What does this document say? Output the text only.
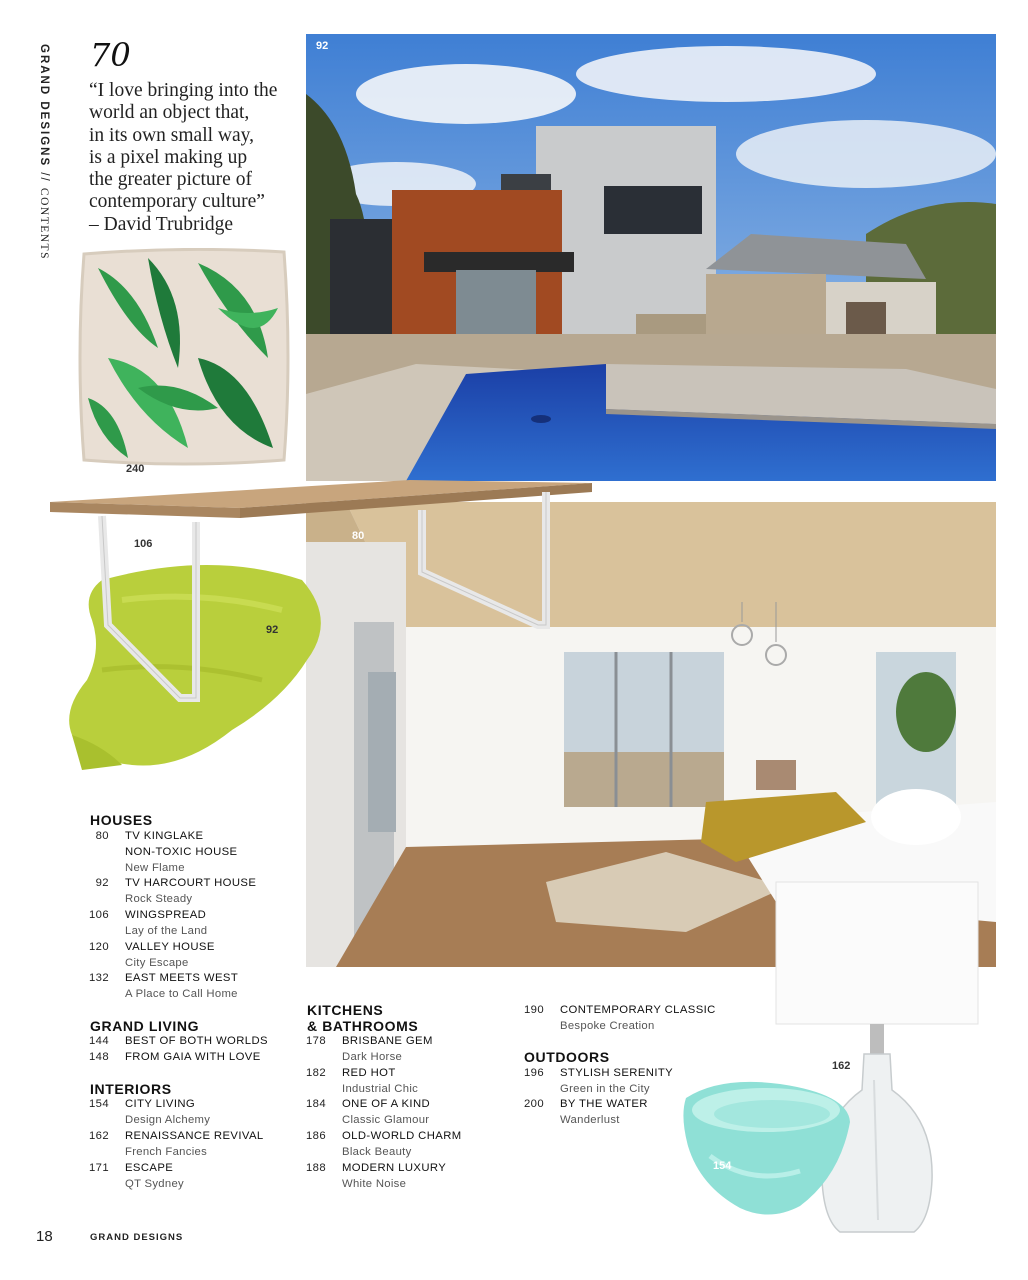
GRAND DESIGNS // CONTENTS
70
“I love bringing into the
world an object that,
in its own small way,
is a pixel making up
the greater picture of
contemporary culture”
– David Trubridge
92
240
80
92
106
162
154
HOUSES
80 TV KINGLAKE
NON-TOXIC HOUSE
New Flame
92 TV HARCOURT HOUSE
Rock Steady
106 WINGSPREAD
Lay of the Land
120 VALLEY HOUSE
City Escape
132 EAST MEETS WEST
A Place to Call Home
GRAND LIVING
144 BEST OF BOTH WORLDS
148 FROM GAIA WITH LOVE
INTERIORS
154 CITY LIVING
Design Alchemy
162 RENAISSANCE REVIVAL
French Fancies
171 ESCAPE
QT Sydney
KITCHENS
& BATHROOMS
178 BRISBANE GEM
Dark Horse
182 RED HOT
Industrial Chic
184 ONE OF A KIND
Classic Glamour
186 OLD-WORLD CHARM
Black Beauty
188 MODERN LUXURY
White Noise
190 CONTEMPORARY CLASSIC
Bespoke Creation
OUTDOORS
196 STYLISH SERENITY
Green in the City
200 BY THE WATER
Wanderlust
18	GRAND DESIGNS
